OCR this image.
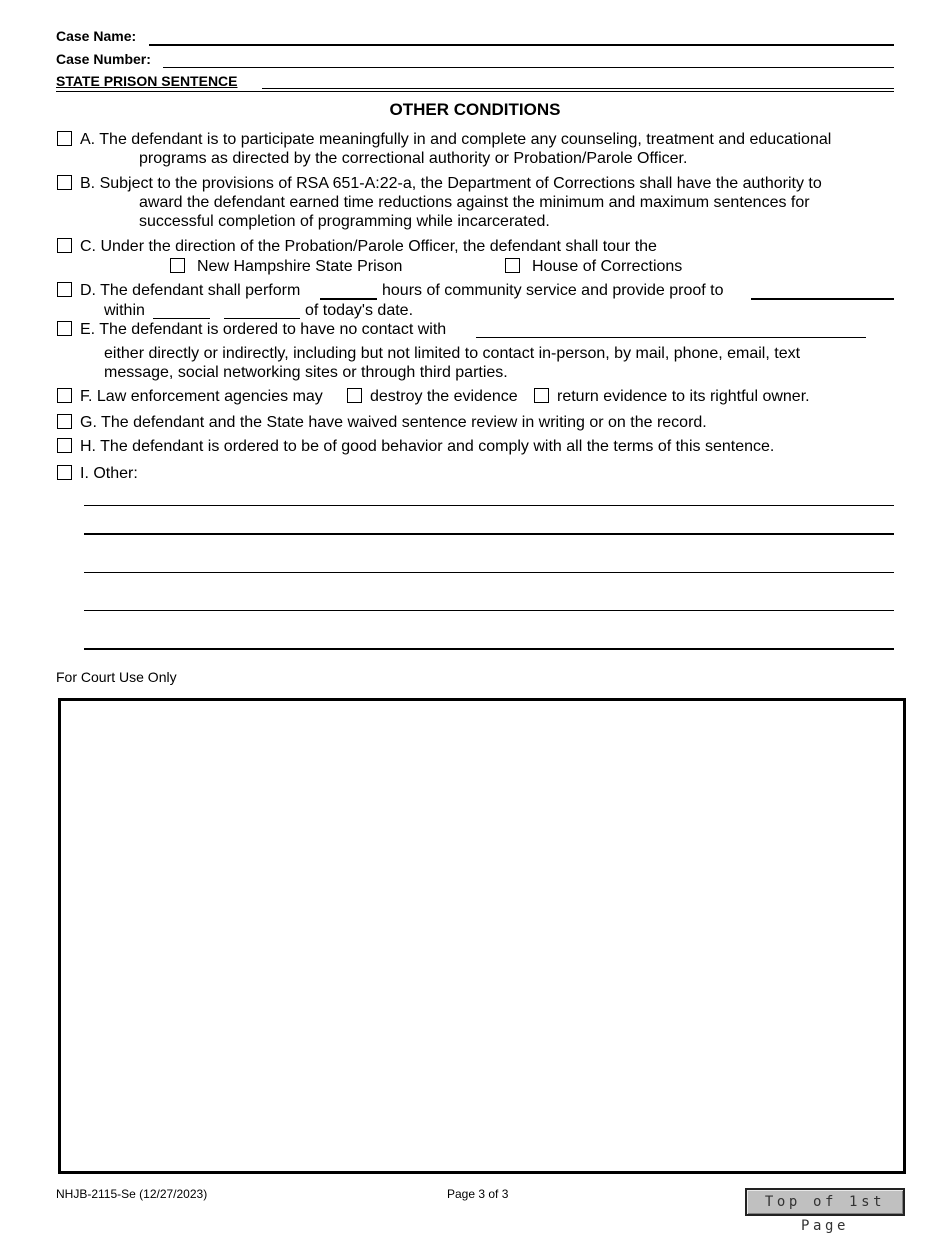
Case Name:
Case Number:
STATE PRISON SENTENCE
OTHER CONDITIONS
A. The defendant is to participate meaningfully in and complete any counseling, treatment and educational
programs as directed by the correctional authority or Probation/Parole Officer.
B. Subject to the provisions of RSA 651-A:22-a, the Department of Corrections shall have the authority to
award the defendant earned time reductions against the minimum and maximum sentences for
successful completion of programming while incarcerated.
C. Under the direction of the Probation/Parole Officer, the defendant shall tour the
New Hampshire State Prison	House of Corrections
D. The defendant shall perform	hours of community service and provide proof to
within	of today's date.
E. The defendant is ordered to have no contact with
either directly or indirectly, including but not limited to contact in-person, by mail, phone, email, text
message, social networking sites or through third parties.
F. Law enforcement agencies may	destroy the evidence return evidence to its rightful owner.
G. The defendant and the State have waived sentence review in writing or on the record.
H. The defendant is ordered to be of good behavior and comply with all the terms of this sentence.
I. Other:
For Court Use Only
NHJB-2115-Se (12/27/2023)	Page 3 of 3	Top of 1st Page
